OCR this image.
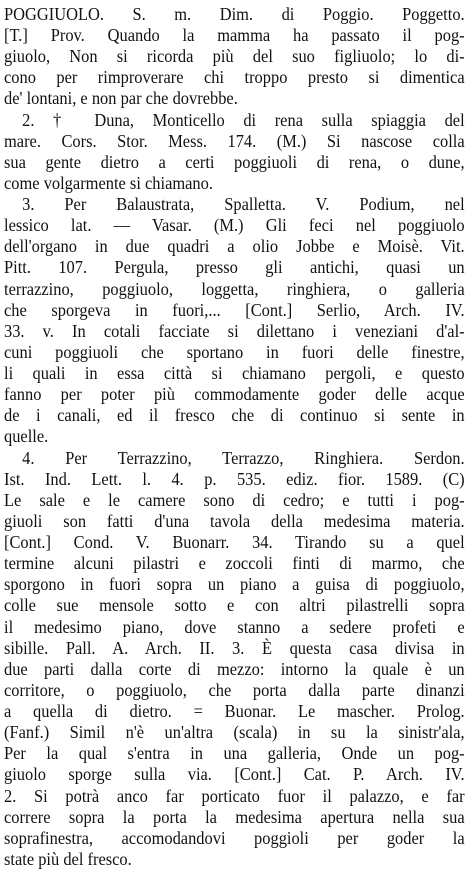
POGGIUOLO. S. m. Dim. di Poggio. Poggetto.
[T.] Prov. Quando la mamma ha passato il pog-
giuolo, Non si ricorda più del suo figliuolo; lo di-
cono per rimproverare chi troppo presto si dimentica
de' lontani, e non par che dovrebbe.
2. † Duna, Monticello di rena sulla spiaggia del
mare. Cors. Stor. Mess. 174. (M.) Si nascose colla
sua gente dietro a certi poggiuoli di rena, o dune,
come volgarmente si chiamano.
3. Per Balaustrata, Spalletta. V. Podium, nel
lessico lat. — Vasar. (M.) Gli feci nel poggiuolo
dell'organo in due quadri a olio Jobbe e Moisè. Vit.
Pitt. 107. Pergula, presso gli antichi, quasi un
terrazzino, poggiuolo, loggetta, ringhiera, o galleria
che sporgeva in fuori,... [Cont.] Serlio, Arch. IV.
33. v. In cotali facciate si dilettano i veneziani d'al-
cuni poggiuoli che sportano in fuori delle finestre,
li quali in essa città si chiamano pergoli, e questo
fanno per poter più commodamente goder delle acque
de i canali, ed il fresco che di continuo si sente in
quelle.
4. Per Terrazzino, Terrazzo, Ringhiera. Serdon.
Ist. Ind. Lett. l. 4. p. 535. ediz. fior. 1589. (C)
Le sale e le camere sono di cedro; e tutti i pog-
giuoli son fatti d'una tavola della medesima materia.
[Cont.] Cond. V. Buonarr. 34. Tirando su a quel
termine alcuni pilastri e zoccoli finti di marmo, che
sporgono in fuori sopra un piano a guisa di poggiuolo,
colle sue mensole sotto e con altri pilastrelli sopra
il medesimo piano, dove stanno a sedere profeti e
sibille. Pall. A. Arch. II. 3. È questa casa divisa in
due parti dalla corte di mezzo: intorno la quale è un
corritore, o poggiuolo, che porta dalla parte dinanzi
a quella di dietro. = Buonar. Le mascher. Prolog.
(Fanf.) Simil n'è un'altra (scala) in su la sinistr'ala,
Per la qual s'entra in una galleria, Onde un pog-
giuolo sporge sulla via. [Cont.] Cat. P. Arch. IV.
2. Si potrà anco far porticato fuor il palazzo, e far
correre sopra la porta la medesima apertura nella sua
soprafinestra, accomodandovi poggioli per goder la
state più del fresco.
